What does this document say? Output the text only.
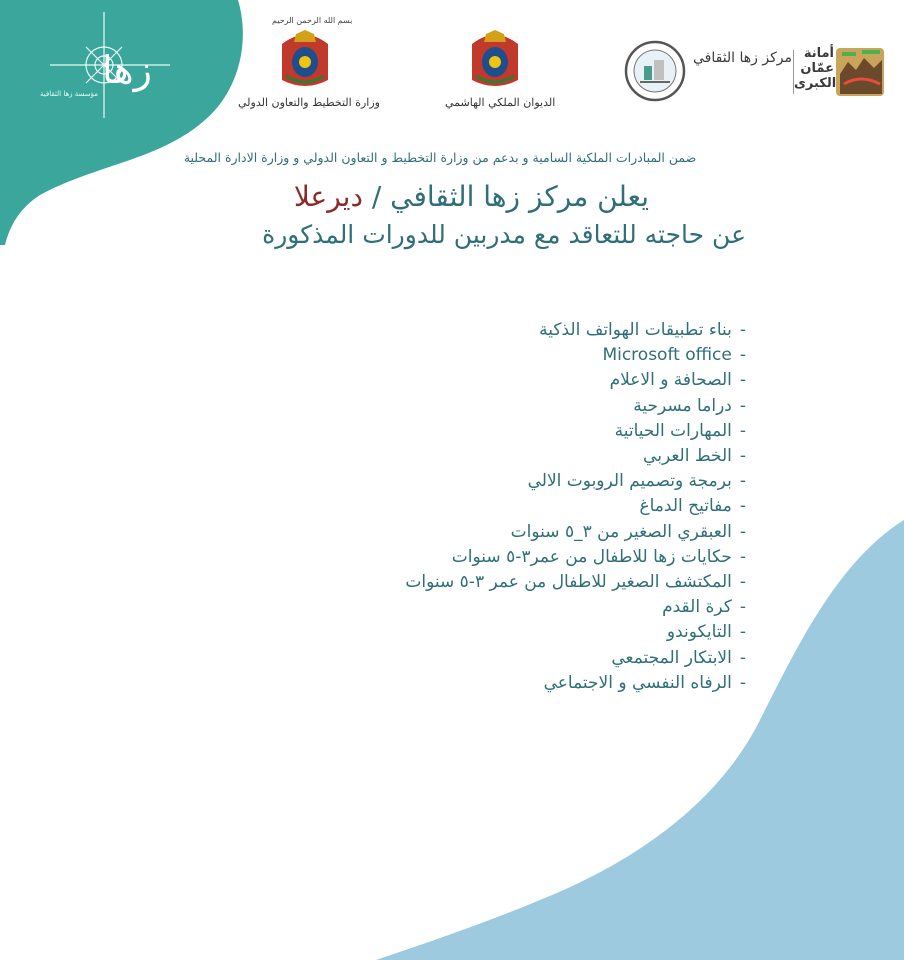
زها
مؤسسة زها الثقافية
بسم الله الرحمن الرحيم
وزارة التخطيط والتعاون الدولي	الديوان الملكي الهاشمي
مركز زها الثقافي أمانة عمّان الكبرى
ضمن المبادرات الملكية السامية و بدعم من وزارة التخطيط و التعاون الدولي و وزارة الادارة المحلية
يعلن مركز زها الثقافي / ديرعلا
عن حاجته للتعاقد مع مدربين للدورات المذكورة
-بناء تطبيقات الهواتف الذكية
-Microsoft office
-الصحافة و الاعلام
-دراما مسرحية
-المهارات الحياتية
-الخط العربي
-برمجة وتصميم الروبوت الالي
-مفاتيح الدماغ
-العبقري الصغير من ٣_٥ سنوات
-حكايات زها للاطفال من عمر٣-٥ سنوات
-المكتشف الصغير للاطفال من عمر ٣-٥ سنوات
-كرة القدم
-التايكوندو
-الابتكار المجتمعي
-الرفاه النفسي و الاجتماعي
